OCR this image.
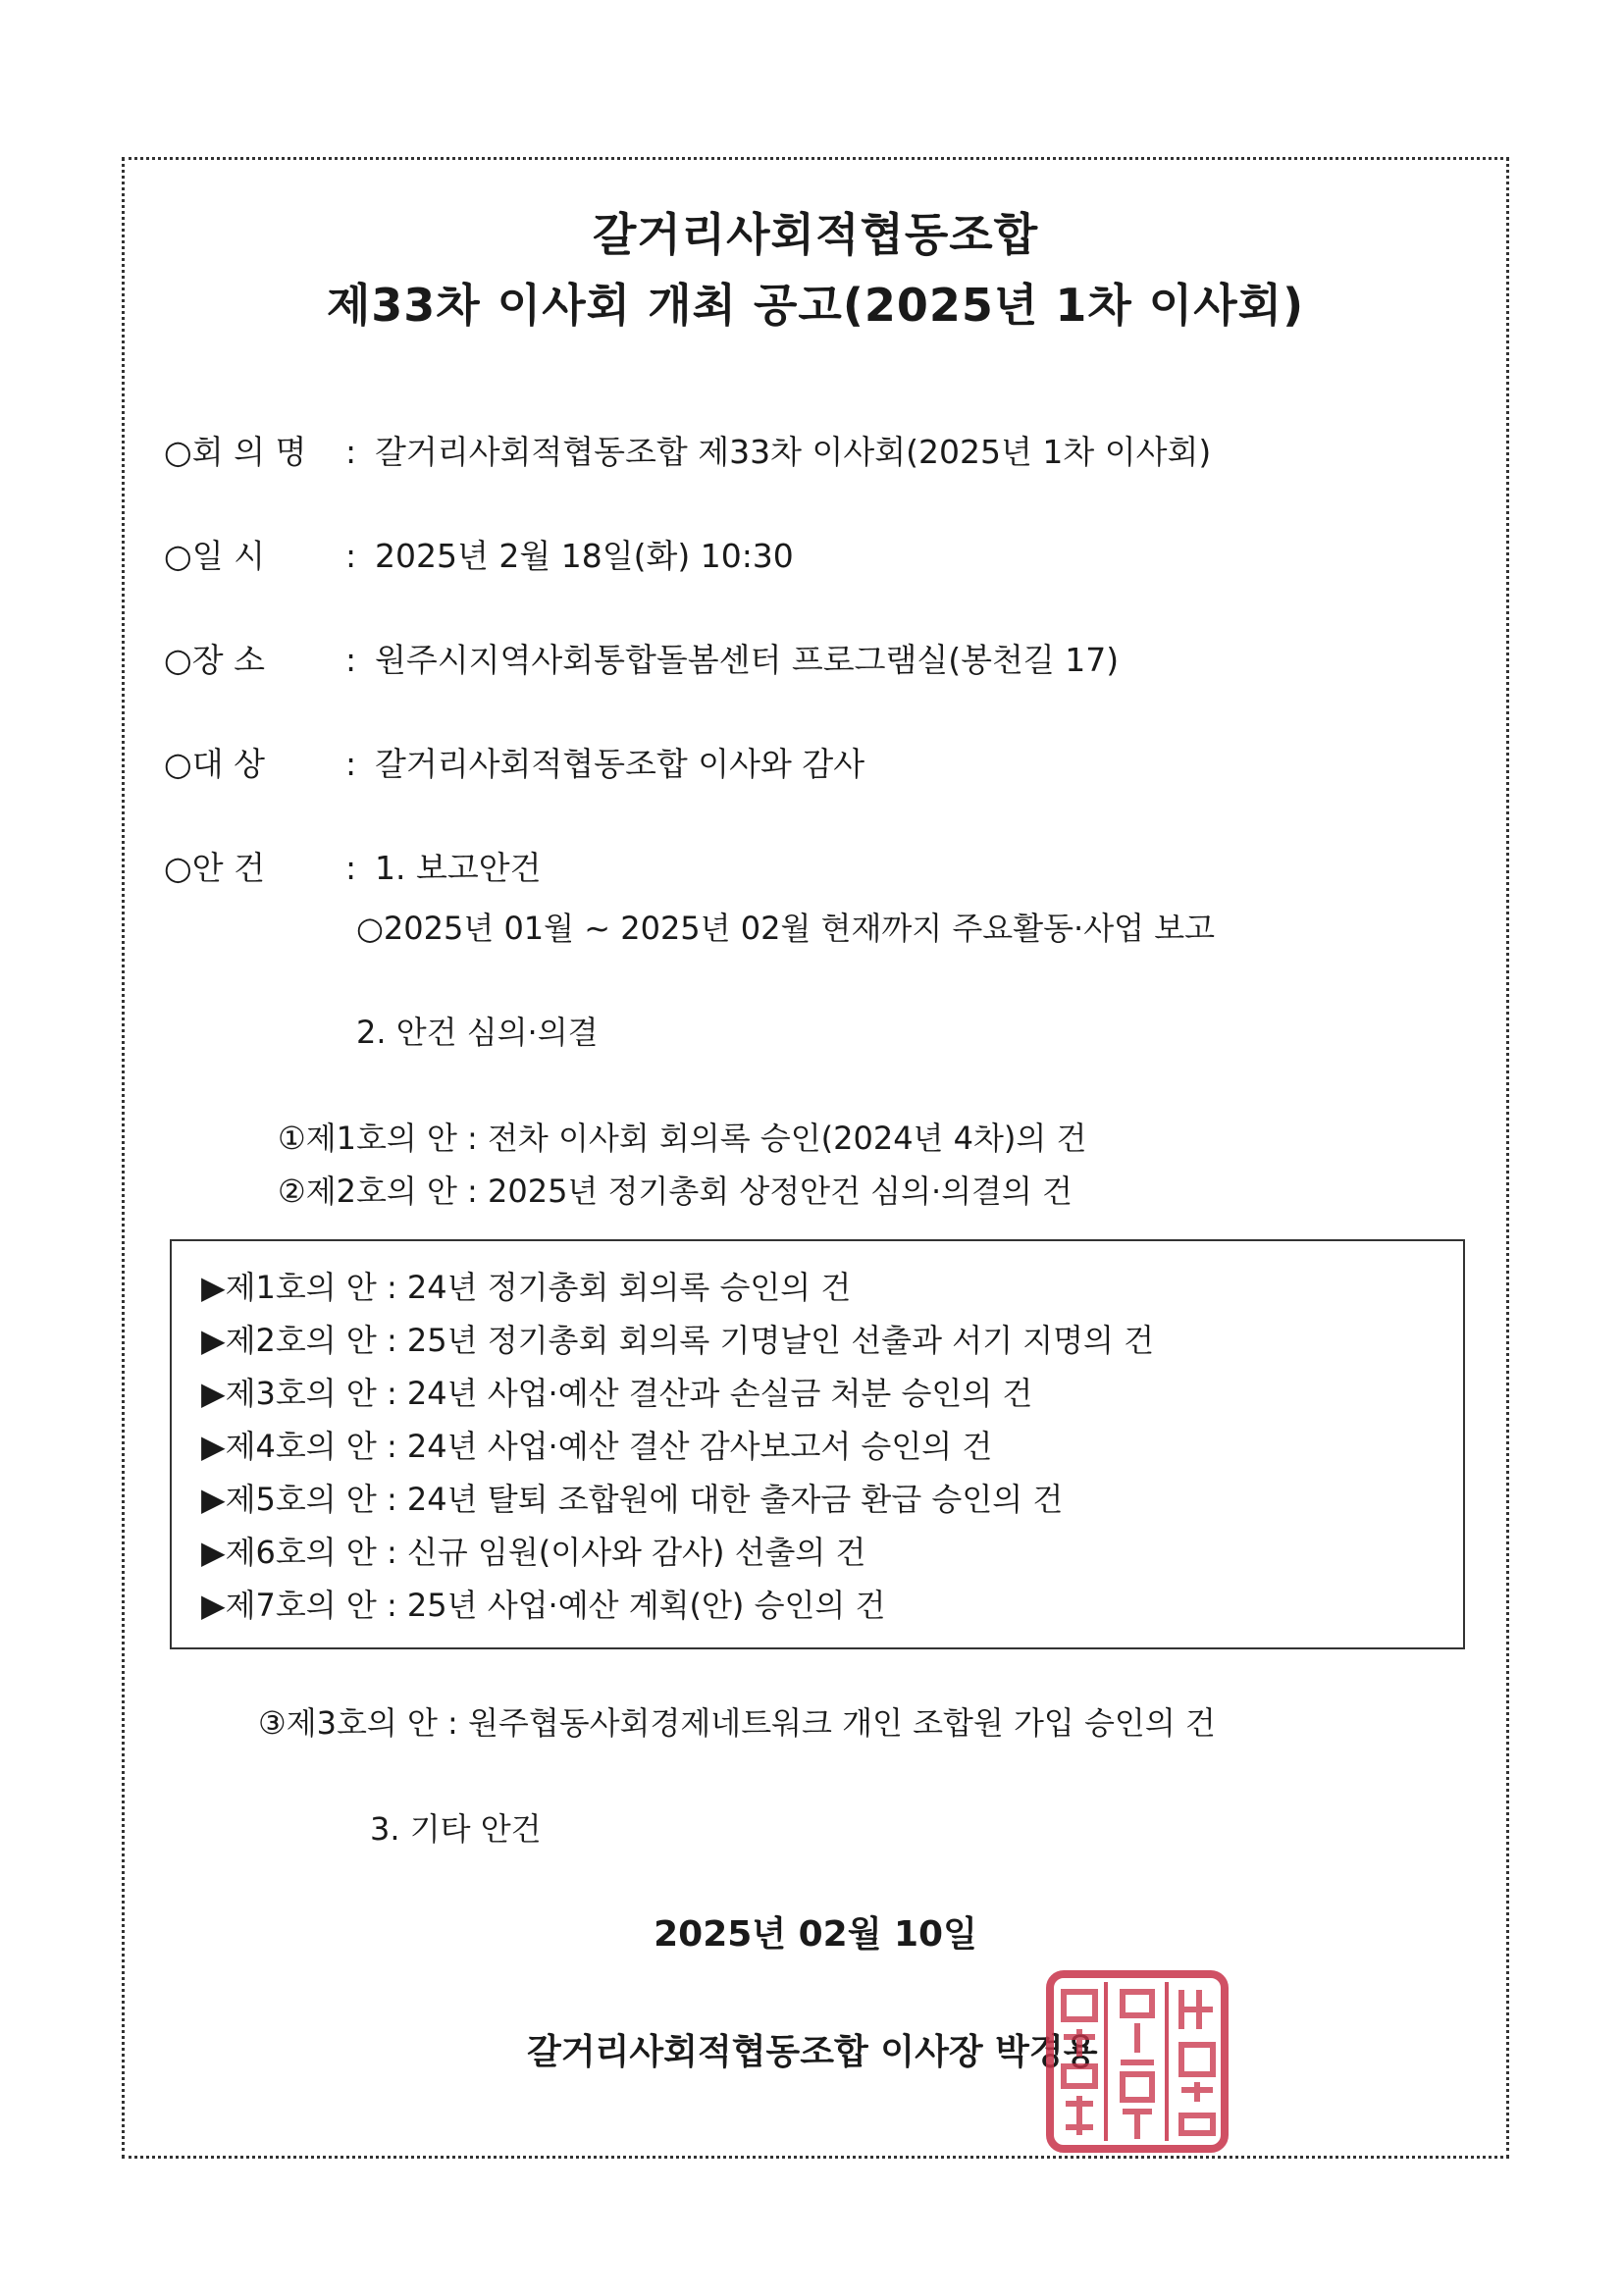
갈거리사회적협동조합
제33차 이사회 개최 공고(2025년 1차 이사회)
○회 의 명 : 갈거리사회적협동조합 제33차 이사회(2025년 1차 이사회)
○일 시 : 2025년 2월 18일(화) 10:30
○장 소 : 원주시지역사회통합돌봄센터 프로그램실(봉천길 17)
○대 상 : 갈거리사회적협동조합 이사와 감사
○안 건 : 1. 보고안건
○2025년 01월 ~ 2025년 02월 현재까지 주요활동·사업 보고
2. 안건 심의·의결
①제1호의 안 : 전차 이사회 회의록 승인(2024년 4차)의 건
②제2호의 안 : 2025년 정기총회 상정안건 심의·의결의 건
▶제1호의 안 : 24년 정기총회 회의록 승인의 건
▶제2호의 안 : 25년 정기총회 회의록 기명날인 선출과 서기 지명의 건
▶제3호의 안 : 24년 사업·예산 결산과 손실금 처분 승인의 건
▶제4호의 안 : 24년 사업·예산 결산 감사보고서 승인의 건
▶제5호의 안 : 24년 탈퇴 조합원에 대한 출자금 환급 승인의 건
▶제6호의 안 : 신규 임원(이사와 감사) 선출의 건
▶제7호의 안 : 25년 사업·예산 계획(안) 승인의 건
③제3호의 안 : 원주협동사회경제네트워크 개인 조합원 가입 승인의 건
3. 기타 안건
2025년 02월 10일
갈거리사회적협동조합 이사장 박경용
